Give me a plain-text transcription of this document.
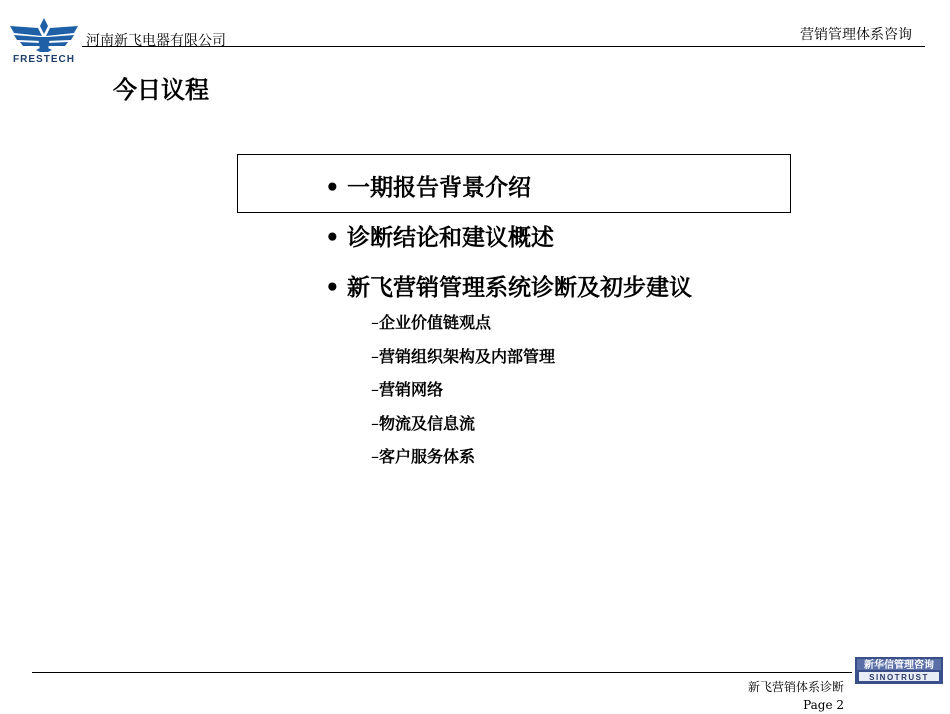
FRESTECH
河南新飞电器有限公司	营销管理体系咨询
今日议程
• 一期报告背景介绍
• 诊断结论和建议概述
• 新飞营销管理系统诊断及初步建议
–企业价值链观点
–营销组织架构及内部管理
–营销网络
–物流及信息流
–客户服务体系
新华信管理咨询
SINOTRUST
新飞营销体系诊断
Page 2
